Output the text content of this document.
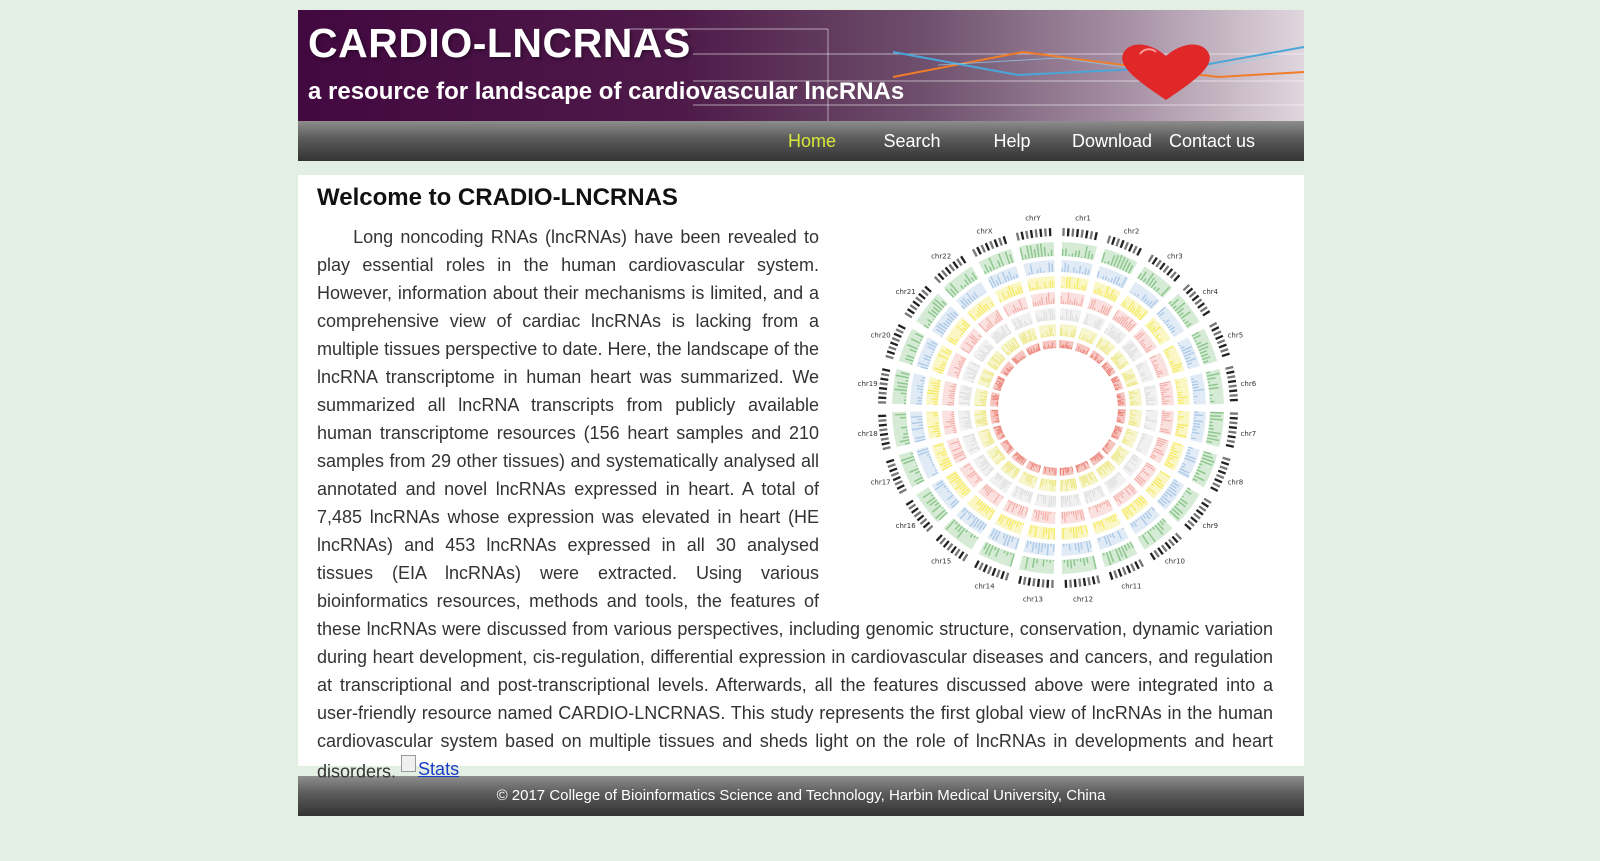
CARDIO-LNCRNAS
a resource for landscape of cardiovascular lncRNAs
Home	Search	Help	Download Contact us
Welcome to CRADIO-LNCRNAS

chr1
chr2
chr3
chr4
chr5
chr6
chr7
chr8
chr9
chr10
chr11
chr12
chr13
chr14
chr15
chr16
chr17
chr18
chr19
chr20
chr21
chr22
chrX
chrY
Long noncoding RNAs (lncRNAs) have been revealed to play essential roles in the human cardiovascular system. However, information about their mechanisms is limited, and a comprehensive view of cardiac lncRNAs is lacking from a multiple tissues perspective to date. Here, the landscape of the lncRNA transcriptome in human heart was summarized. We summarized all lncRNA transcripts from publicly available human transcriptome resources (156 heart samples and 210 samples from 29 other tissues) and systematically analysed all annotated and novel lncRNAs expressed in heart. A total of 7,485 lncRNAs whose expression was elevated in heart (HE lncRNAs) and 453 lncRNAs expressed in all 30 analysed tissues (EIA lncRNAs) were extracted. Using various bioinformatics resources, methods and tools, the features of these lncRNAs were discussed from various perspectives, including genomic structure, conservation, dynamic variation during heart development, cis-regulation, differential expression in cardiovascular diseases and cancers, and regulation at transcriptional and post-transcriptional levels. Afterwards, all the features discussed above were integrated into a user-friendly resource named CARDIO-LNCRNAS. This study represents the first global view of lncRNAs in the human cardiovascular system based on multiple tissues and sheds light on the role of lncRNAs in developments and heart disorders. Stats

© 2017 College of Bioinformatics Science and Technology, Harbin Medical University, China
